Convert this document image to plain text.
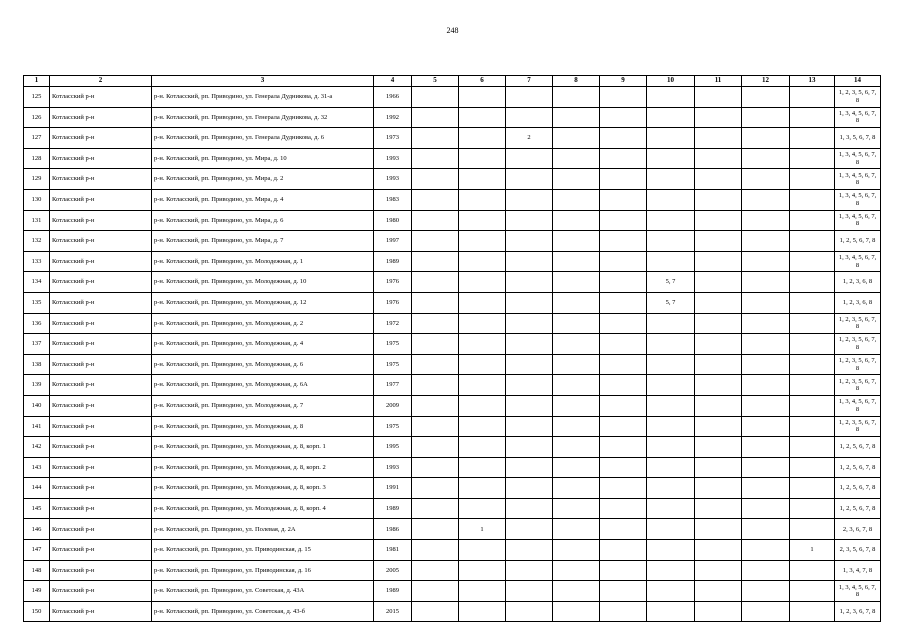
248
1	2	3	4	5	6	7	8	9	10	11	12	13	14
125	Котласский р-н	р-н. Котласский, рп. Приводино, ул. Генерала Дудникова, д. 31-а	1966										1, 2, 3, 5, 6, 7, 8
126	Котласский р-н	р-н. Котласский, рп. Приводино, ул. Генерала Дудникова, д. 32	1992										1, 3, 4, 5, 6, 7, 8
127	Котласский р-н	р-н. Котласский, рп. Приводино, ул. Генерала Дудникова, д. 6	1973			2							1, 3, 5, 6, 7, 8
128	Котласский р-н	р-н. Котласский, рп. Приводино, ул. Мира, д. 10	1993										1, 3, 4, 5, 6, 7, 8
129	Котласский р-н	р-н. Котласский, рп. Приводино, ул. Мира, д. 2	1993										1, 3, 4, 5, 6, 7, 8
130	Котласский р-н	р-н. Котласский, рп. Приводино, ул. Мира, д. 4	1983										1, 3, 4, 5, 6, 7, 8
131	Котласский р-н	р-н. Котласский, рп. Приводино, ул. Мира, д. 6	1980										1, 3, 4, 5, 6, 7, 8
132	Котласский р-н	р-н. Котласский, рп. Приводино, ул. Мира, д. 7	1997										1, 2, 5, 6, 7, 8
133	Котласский р-н	р-н. Котласский, рп. Приводино, ул. Молодежная, д. 1	1989										1, 3, 4, 5, 6, 7, 8
134	Котласский р-н	р-н. Котласский, рп. Приводино, ул. Молодежная, д. 10	1976						5, 7				1, 2, 3, 6, 8
135	Котласский р-н	р-н. Котласский, рп. Приводино, ул. Молодежная, д. 12	1976						5, 7				1, 2, 3, 6, 8
136	Котласский р-н	р-н. Котласский, рп. Приводино, ул. Молодежная, д. 2	1972										1, 2, 3, 5, 6, 7, 8
137	Котласский р-н	р-н. Котласский, рп. Приводино, ул. Молодежная, д. 4	1975										1, 2, 3, 5, 6, 7, 8
138	Котласский р-н	р-н. Котласский, рп. Приводино, ул. Молодежная, д. 6	1975										1, 2, 3, 5, 6, 7, 8
139	Котласский р-н	р-н. Котласский, рп. Приводино, ул. Молодежная, д. 6А	1977										1, 2, 3, 5, 6, 7, 8
140	Котласский р-н	р-н. Котласский, рп. Приводино, ул. Молодежная, д. 7	2009										1, 3, 4, 5, 6, 7, 8
141	Котласский р-н	р-н. Котласский, рп. Приводино, ул. Молодежная, д. 8	1975										1, 2, 3, 5, 6, 7, 8
142	Котласский р-н	р-н. Котласский, рп. Приводино, ул. Молодежная, д. 8, корп. 1	1995										1, 2, 5, 6, 7, 8
143	Котласский р-н	р-н. Котласский, рп. Приводино, ул. Молодежная, д. 8, корп. 2	1993										1, 2, 5, 6, 7, 8
144	Котласский р-н	р-н. Котласский, рп. Приводино, ул. Молодежная, д. 8, корп. 3	1991										1, 2, 5, 6, 7, 8
145	Котласский р-н	р-н. Котласский, рп. Приводино, ул. Молодежная, д. 8, корп. 4	1989										1, 2, 5, 6, 7, 8
146	Котласский р-н	р-н. Котласский, рп. Приводино, ул. Полевая, д. 2А	1986		1								2, 3, 6, 7, 8
147	Котласский р-н	р-н. Котласский, рп. Приводино, ул. Приводинская, д. 15	1981									1	2, 3, 5, 6, 7, 8
148	Котласский р-н	р-н. Котласский, рп. Приводино, ул. Приводинская, д. 16	2005										1, 3, 4, 7, 8
149	Котласский р-н	р-н. Котласский, рп. Приводино, ул. Советская, д. 43А	1989										1, 3, 4, 5, 6, 7, 8
150	Котласский р-н	р-н. Котласский, рп. Приводино, ул. Советская, д. 43-б	2015										1, 2, 3, 6, 7, 8
